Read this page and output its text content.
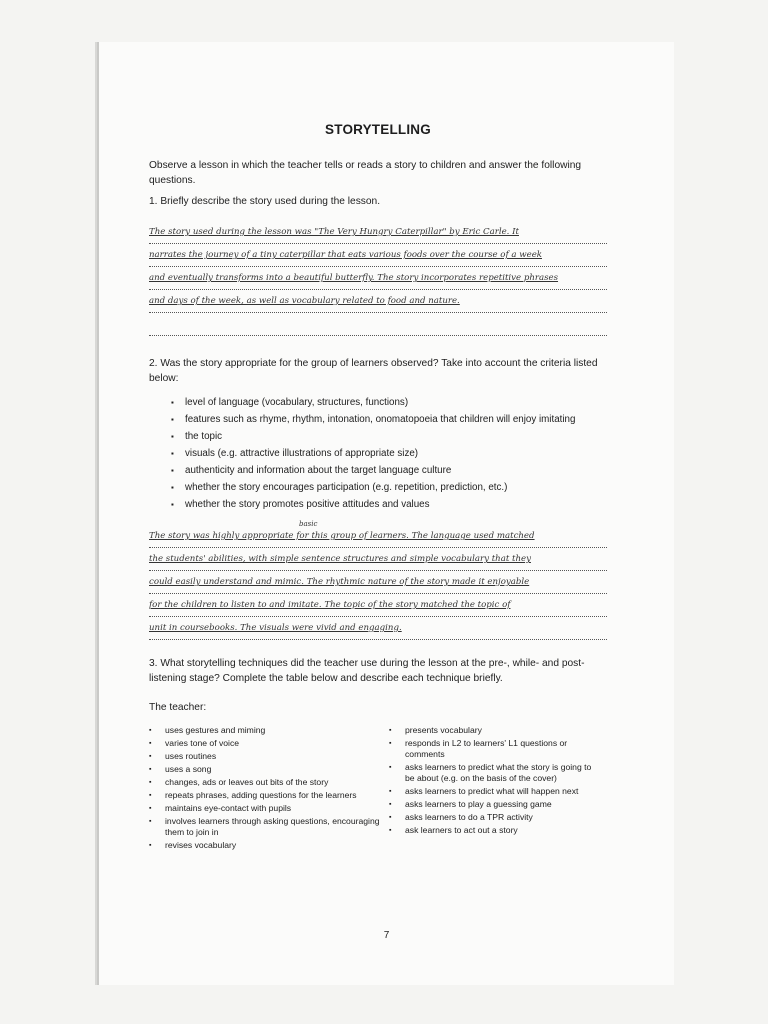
STORYTELLING

Observe a lesson in which the teacher tells or reads a story to children and answer the following questions.

1. Briefly describe the story used during the lesson.

The story used during the lesson was "The Very Hungry Caterpillar" by Eric Carle. It
narrates the journey of a tiny caterpillar that eats various foods over the course of a week
and eventually transforms into a beautiful butterfly. The story incorporates repetitive phrases
and days of the week, as well as vocabulary related to food and nature.

2. Was the story appropriate for the group of learners observed? Take into account the criteria listed below:

▪ level of language (vocabulary, structures, functions)
▪ features such as rhyme, rhythm, intonation, onomatopoeia that children will enjoy imitating
▪ the topic
▪ visuals (e.g. attractive illustrations of appropriate size)
▪ authenticity and information about the target language culture
▪ whether the story encourages participation (e.g. repetition, prediction, etc.)
▪ whether the story promotes positive attitudes and values
basic
The story was highly appropriate for this group of learners. The language used matched
the students' abilities, with simple sentence structures and simple vocabulary that they
could easily understand and mimic. The rhythmic nature of the story made it enjoyable
for the children to listen to and imitate. The topic of the story matched the topic of
unit in coursebooks. The visuals were vivid and engaging.

3. What storytelling techniques did the teacher use during the lesson at the pre-, while- and post-listening stage? Complete the table below and describe each technique briefly.

The teacher:

▪ uses gestures and miming
▪ varies tone of voice
▪ uses routines
▪ uses a song
▪ changes, ads or leaves out bits of the story
▪ repeats phrases, adding questions for the learners
▪ maintains eye-contact with pupils
▪ involves learners through asking questions, encouraging them to join in
▪ revises vocabulary
▪ presents vocabulary
▪ responds in L2 to learners' L1 questions or comments
▪ asks learners to predict what the story is going to be about (e.g. on the basis of the cover)
▪ asks learners to predict what will happen next
▪ asks learners to play a guessing game
▪ asks learners to do a TPR activity
▪ ask learners to act out a story
7
